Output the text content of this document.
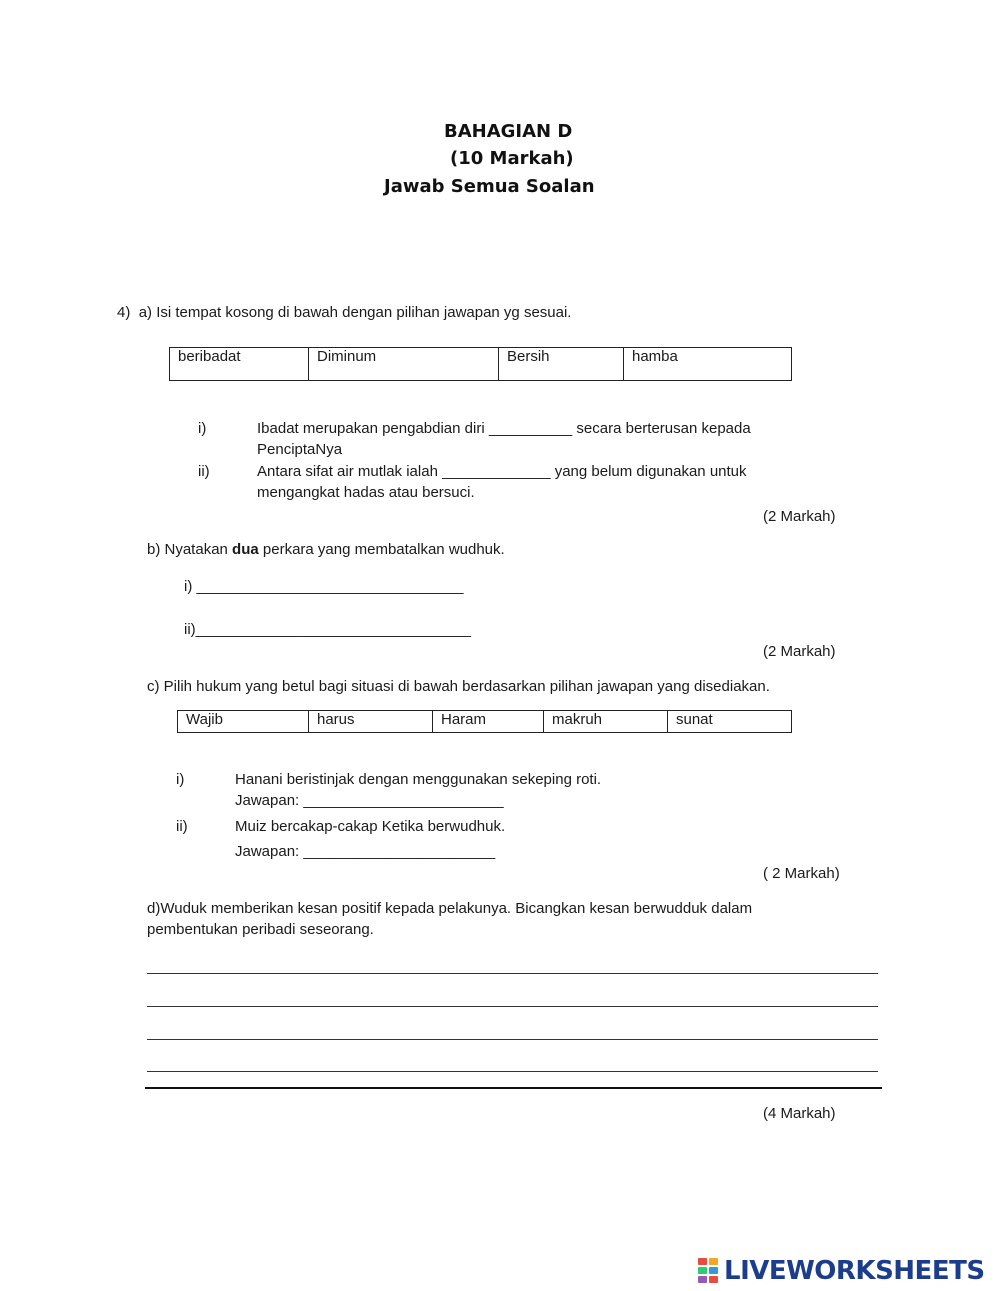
BAHAGIAN D
(10 Markah)
Jawab Semua Soalan
4) a) Isi tempat kosong di bawah dengan pilihan jawapan yg sesuai.
beribadat	Diminum	Bersih	hamba
i)	Ibadat merupakan pengabdian diri __________ secara berterusan kepada
PenciptaNya
ii)	Antara sifat air mutlak ialah _____________ yang belum digunakan untuk
mengangkat hadas atau bersuci.
(2 Markah)
b) Nyatakan dua perkara yang membatalkan wudhuk.
i) ________________________________
ii)_________________________________
(2 Markah)
c) Pilih hukum yang betul bagi situasi di bawah berdasarkan pilihan jawapan yang disediakan.
Wajib	harus	Haram	makruh	sunat
i)	Hanani beristinjak dengan menggunakan sekeping roti.
Jawapan: ________________________
ii)	Muiz bercakap-cakap Ketika berwudhuk.
Jawapan: _______________________
( 2 Markah)
d)Wuduk memberikan kesan positif kepada pelakunya. Bicangkan kesan berwudduk dalam
pembentukan peribadi seseorang.
(4 Markah)
LIVEWORKSHEETS
